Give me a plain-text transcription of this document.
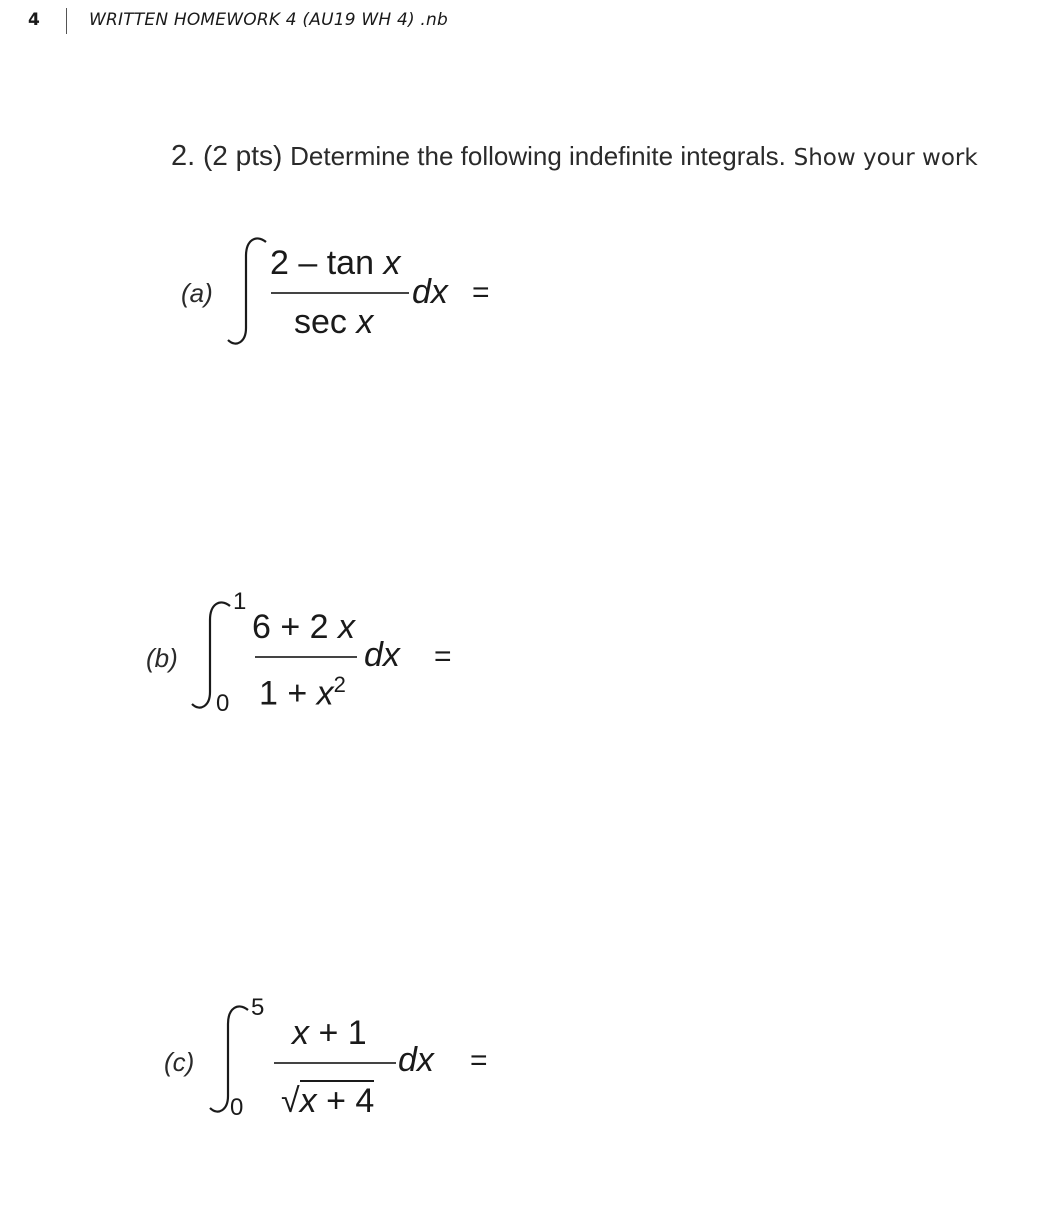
4	WRITTEN HOMEWORK 4 (AU19 WH 4) .nb
2. (2 pts) Determine the following indefinite integrals. Show your work
(a)
2 – tan x
sec x
dx =
(b)
1
0
6 + 2 x
$1 + x^2$
dx =
(c)
5
0
x + 1
√x + 4
dx =
